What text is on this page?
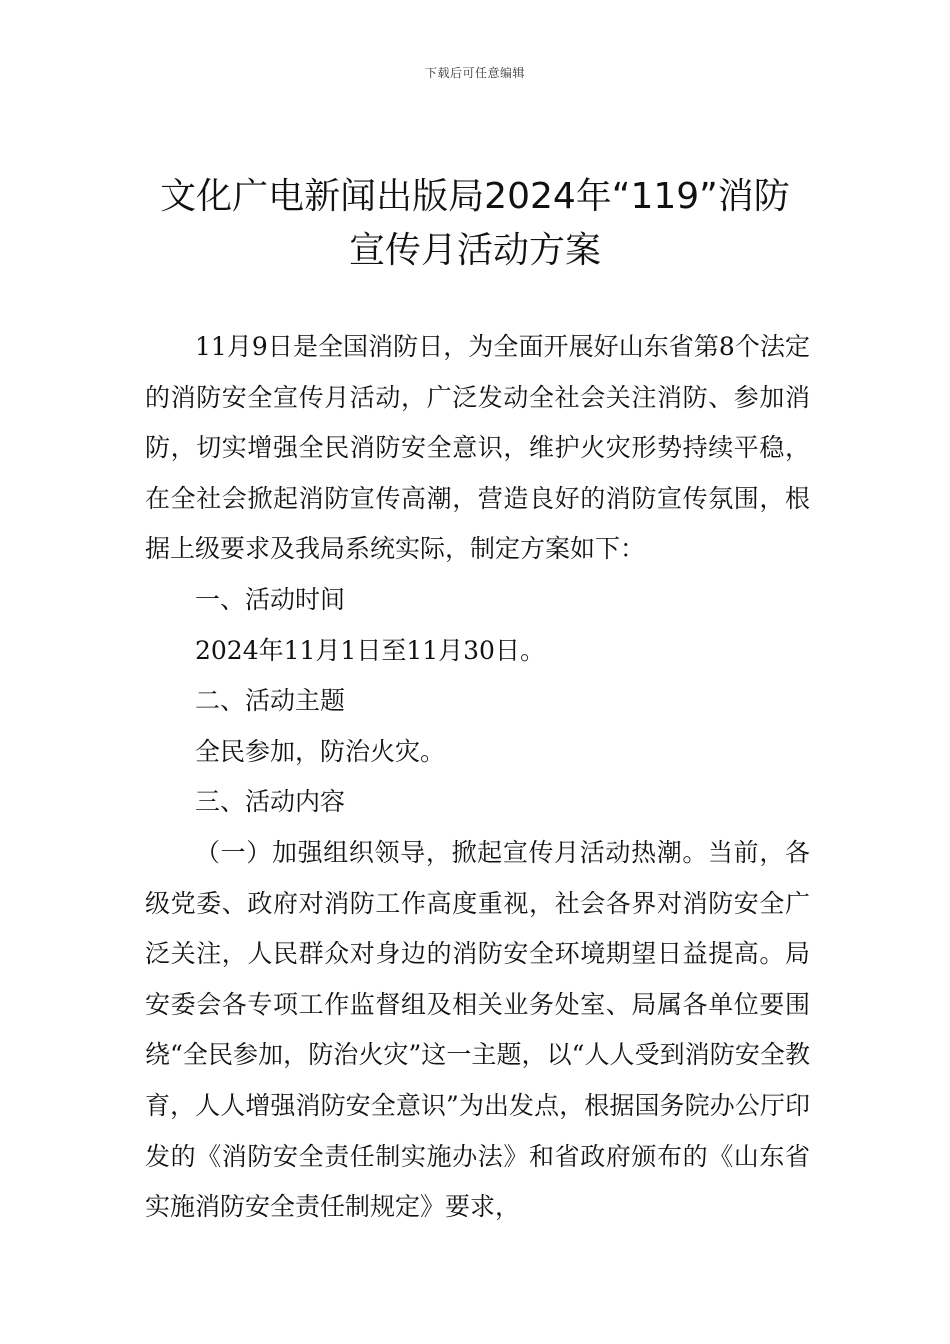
下载后可任意编辑
文化广电新闻出版局2024年“119”消防
宣传月活动方案

11月9日是全国消防日，为全面开展好山东省第8个法定的消防安全宣传月活动，广泛发动全社会关注消防、参加消防，切实增强全民消防安全意识，维护火灾形势持续平稳，在全社会掀起消防宣传高潮，营造良好的消防宣传氛围，根据上级要求及我局系统实际，制定方案如下：

一、活动时间

2024年11月1日至11月30日。

二、活动主题

全民参加，防治火灾。

三、活动内容

（一）加强组织领导，掀起宣传月活动热潮。当前，各级党委、政府对消防工作高度重视，社会各界对消防安全广泛关注，人民群众对身边的消防安全环境期望日益提高。局安委会各专项工作监督组及相关业务处室、局属各单位要围绕“全民参加，防治火灾”这一主题，以“人人受到消防安全教育，人人增强消防安全意识”为出发点，根据国务院办公厅印发的《消防安全责任制实施办法》和省政府颁布的《山东省实施消防安全责任制规定》要求，
